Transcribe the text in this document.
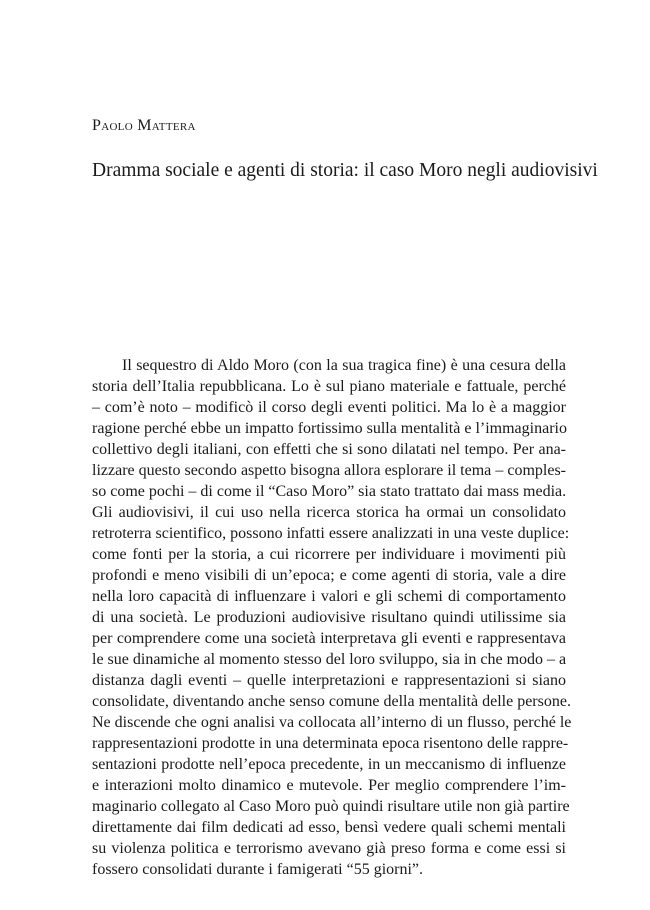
Paolo Mattera

Dramma sociale e agenti di storia: il caso Moro negli audiovisivi
Il sequestro di Aldo Moro (con la sua tragica fine) è una cesura della
storia dell’Italia repubblicana. Lo è sul piano materiale e fattuale, perché
– com’è noto – modificò il corso degli eventi politici. Ma lo è a maggior
ragione perché ebbe un impatto fortissimo sulla mentalità e l’immaginario
collettivo degli italiani, con effetti che si sono dilatati nel tempo. Per ana-
lizzare questo secondo aspetto bisogna allora esplorare il tema – comples-
so come pochi – di come il “Caso Moro” sia stato trattato dai mass media.
Gli audiovisivi, il cui uso nella ricerca storica ha ormai un consolidato
retroterra scientifico, possono infatti essere analizzati in una veste duplice:
come fonti per la storia, a cui ricorrere per individuare i movimenti più
profondi e meno visibili di un’epoca; e come agenti di storia, vale a dire
nella loro capacità di influenzare i valori e gli schemi di comportamento
di una società. Le produzioni audiovisive risultano quindi utilissime sia
per comprendere come una società interpretava gli eventi e rappresentava
le sue dinamiche al momento stesso del loro sviluppo, sia in che modo – a
distanza dagli eventi – quelle interpretazioni e rappresentazioni si siano
consolidate, diventando anche senso comune della mentalità delle persone.
Ne discende che ogni analisi va collocata all’interno di un flusso, perché le
rappresentazioni prodotte in una determinata epoca risentono delle rappre-
sentazioni prodotte nell’epoca precedente, in un meccanismo di influenze
e interazioni molto dinamico e mutevole. Per meglio comprendere l’im-
maginario collegato al Caso Moro può quindi risultare utile non già partire
direttamente dai film dedicati ad esso, bensì vedere quali schemi mentali
su violenza politica e terrorismo avevano già preso forma e come essi si
fossero consolidati durante i famigerati “55 giorni”.
